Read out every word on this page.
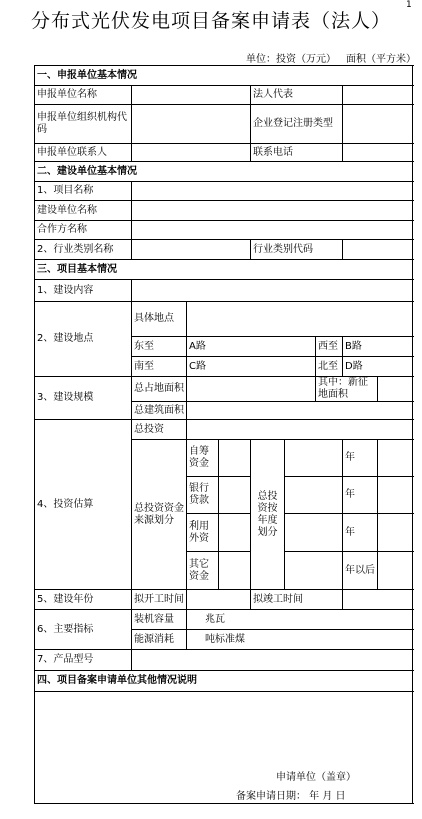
分布式光伏发电项目备案申请表（法人）
1
单位：投资（万元） 面积（平方米）
一、申报单位基本情况								
申报单位名称				法人代表				
申报单位组织机构代码				企业登记注册类型				
申报单位联系人				联系电话				
二、建设单位基本情况								
1、项目名称								
建设单位名称								
合作方名称								
2、行业类别名称				行业类别代码				
三、项目基本情况								
1、建设内容								
2、建设地点	具体地点							
	东至	A路				西至	B路	
	南至	C路				北至	D路	
3、建设规模	总占地面积					其中：新征地面积		
	总建筑面积							
4、投资估算	总投资							
	总投资资金来源划分	自筹资金		总投资按年度划分			年	
		银行贷款					年	
		利用外资					年	
		其它资金					年以后	
5、建设年份	拟开工时间			拟竣工时间				
6、主要指标	装机容量	兆瓦						
	能源消耗	吨标准煤						
7、产品型号								
四、项目备案申请单位其他情况说明								

申请单位（盖章）
备案申请日期： 年 月 日
